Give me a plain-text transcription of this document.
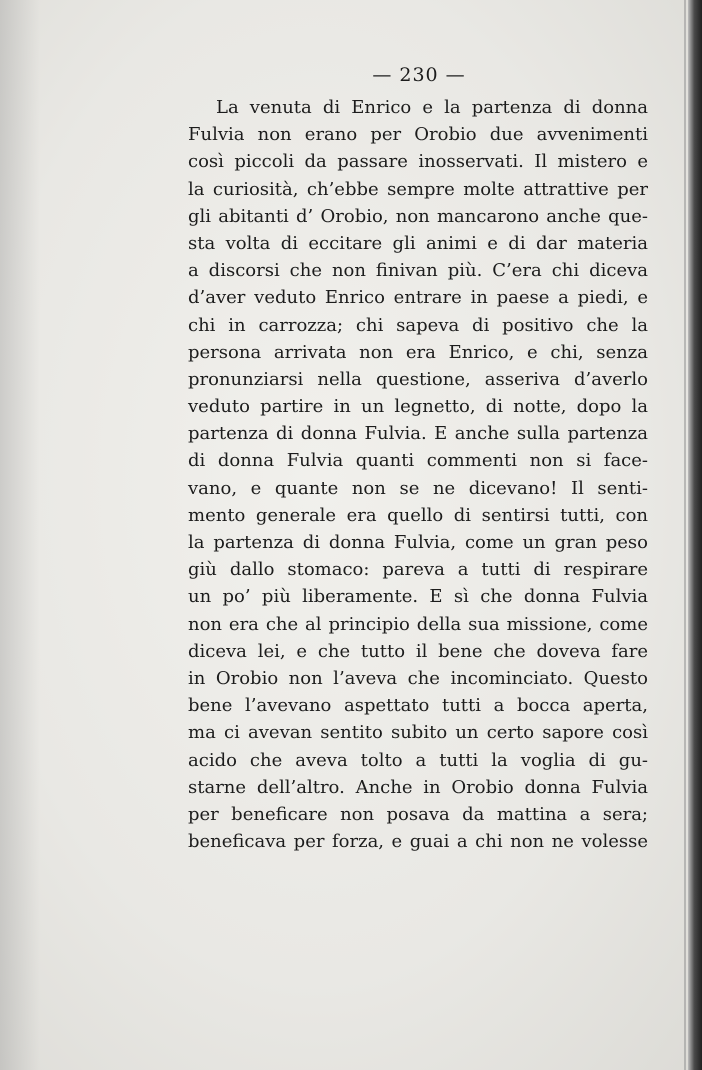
— 230 —
La venuta di Enrico e la partenza di donna
Fulvia non erano per Orobio due avvenimenti
così piccoli da passare inosservati. Il mistero e
la curiosità, ch’ebbe sempre molte attrattive per
gli abitanti d’ Orobio, non mancarono anche que-
sta volta di eccitare gli animi e di dar materia
a discorsi che non finivan più. C’era chi diceva
d’aver veduto Enrico entrare in paese a piedi, e
chi in carrozza; chi sapeva di positivo che la
persona arrivata non era Enrico, e chi, senza
pronunziarsi nella questione, asseriva d’averlo
veduto partire in un legnetto, di notte, dopo la
partenza di donna Fulvia. E anche sulla partenza
di donna Fulvia quanti commenti non si face-
vano, e quante non se ne dicevano! Il senti-
mento generale era quello di sentirsi tutti, con
la partenza di donna Fulvia, come un gran peso
giù dallo stomaco: pareva a tutti di respirare
un po’ più liberamente. E sì che donna Fulvia
non era che al principio della sua missione, come
diceva lei, e che tutto il bene che doveva fare
in Orobio non l’aveva che incominciato. Questo
bene l’avevano aspettato tutti a bocca aperta,
ma ci avevan sentito subito un certo sapore così
acido che aveva tolto a tutti la voglia di gu-
starne dell’altro. Anche in Orobio donna Fulvia
per beneficare non posava da mattina a sera;
beneficava per forza, e guai a chi non ne volesse
